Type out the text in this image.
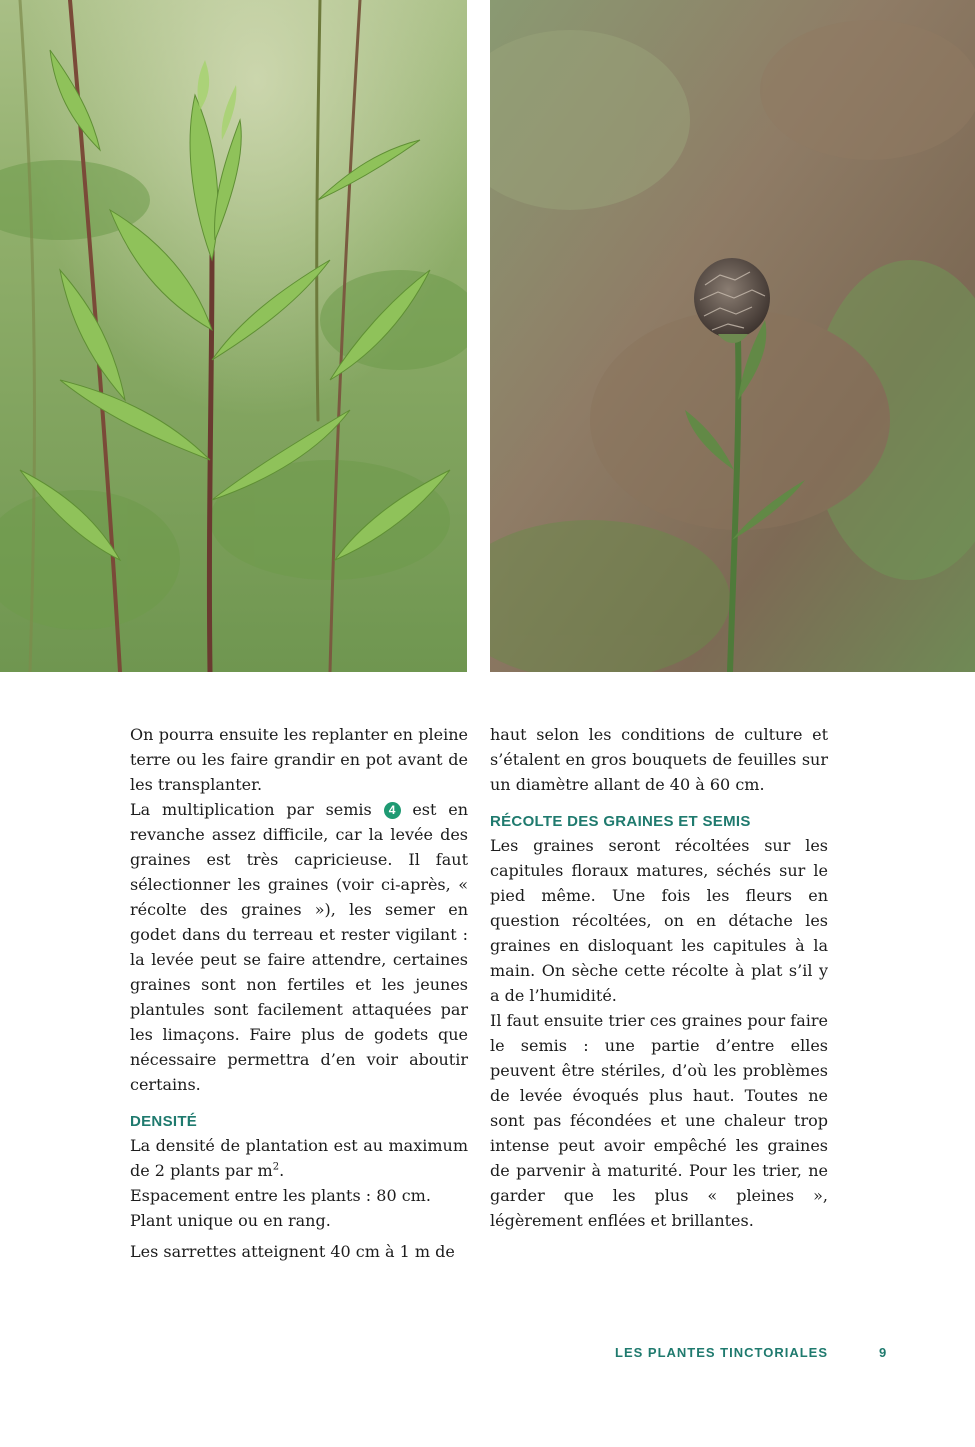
On pourra ensuite les replanter en pleine terre ou les faire grandir en pot avant de les transplanter.

La multiplication par semis 4 est en revanche assez difficile, car la levée des graines est très capricieuse. Il faut sélectionner les graines (voir ci-après, « récolte des graines »), les semer en godet dans du terreau et rester vigilant : la levée peut se faire attendre, certaines graines sont non fertiles et les jeunes plantules sont facilement attaquées par les limaçons. Faire plus de godets que nécessaire permettra d’en voir aboutir certains.

DENSITÉ

La densité de plantation est au maximum de 2 plants par $m^2$.

Espacement entre les plants : 80 cm.

Plant unique ou en rang.

Les sarrettes atteignent 40 cm à 1 m de

haut selon les conditions de culture et s’étalent en gros bouquets de feuilles sur un diamètre allant de 40 à 60 cm.

RÉCOLTE DES GRAINES ET SEMIS

Les graines seront récoltées sur les capitules floraux matures, séchés sur le pied même. Une fois les fleurs en question récoltées, on en détache les graines en disloquant les capitules à la main. On sèche cette récolte à plat s’il y a de l’humidité.

Il faut ensuite trier ces graines pour faire le semis : une partie d’entre elles peuvent être stériles, d’où les problèmes de levée évoqués plus haut. Toutes ne sont pas fécondées et une chaleur trop intense peut avoir empêché les graines de parvenir à maturité. Pour les trier, ne garder que les plus « pleines », légèrement enflées et brillantes.

LES PLANTES TINCTORIALES	9
